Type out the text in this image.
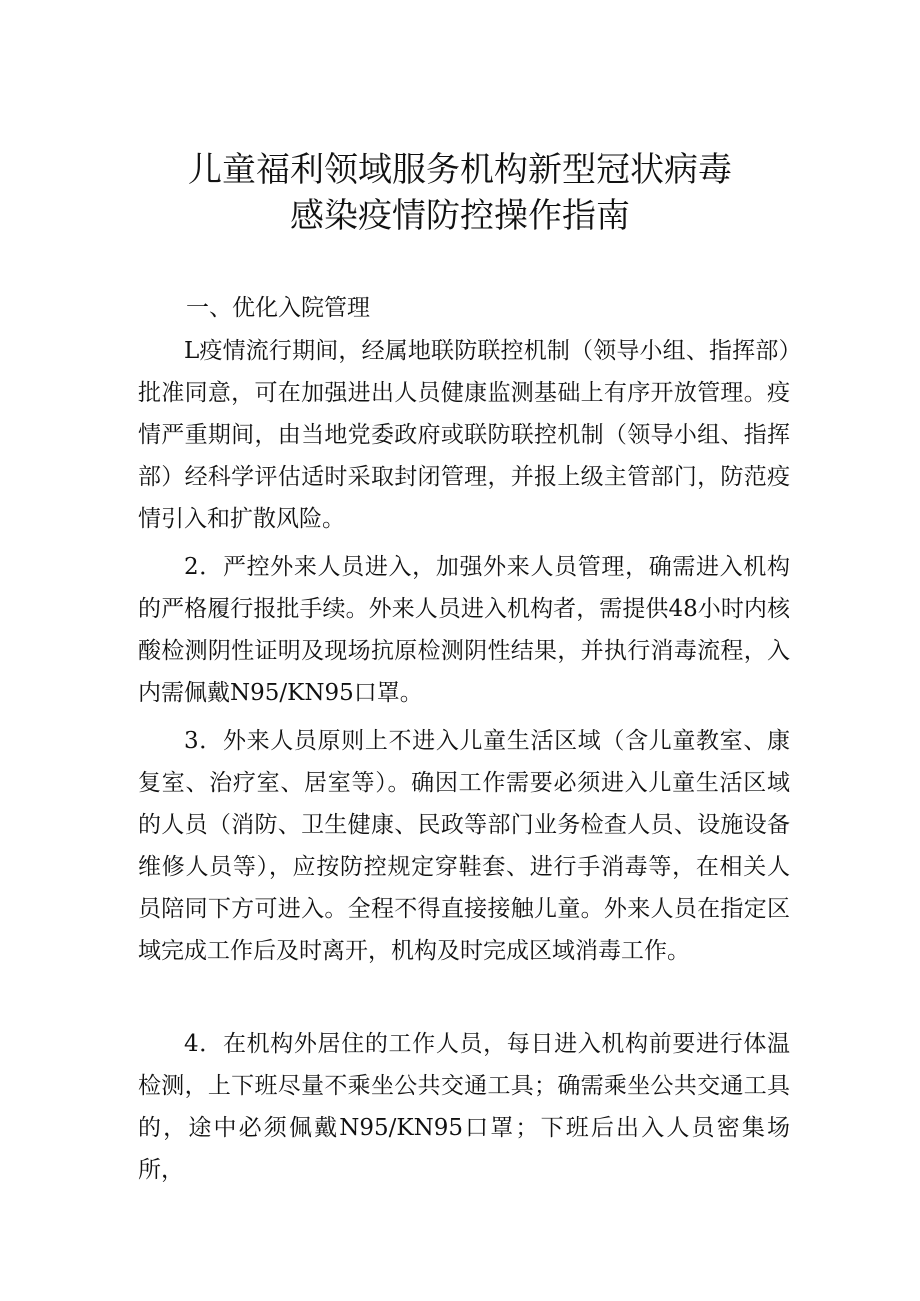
儿童福利领域服务机构新型冠状病毒
感染疫情防控操作指南
一、优化入院管理

L疫情流行期间，经属地联防联控机制（领导小组、指挥部）批准同意，可在加强进出人员健康监测基础上有序开放管理。疫情严重期间，由当地党委政府或联防联控机制（领导小组、指挥部）经科学评估适时采取封闭管理，并报上级主管部门，防范疫情引入和扩散风险。

2．严控外来人员进入，加强外来人员管理，确需进入机构的严格履行报批手续。外来人员进入机构者，需提供48小时内核酸检测阴性证明及现场抗原检测阴性结果，并执行消毒流程，入内需佩戴N95/KN95口罩。

3．外来人员原则上不进入儿童生活区域（含儿童教室、康复室、治疗室、居室等）。确因工作需要必须进入儿童生活区域的人员（消防、卫生健康、民政等部门业务检查人员、设施设备维修人员等），应按防控规定穿鞋套、进行手消毒等，在相关人员陪同下方可进入。全程不得直接接触儿童。外来人员在指定区域完成工作后及时离开，机构及时完成区域消毒工作。

4．在机构外居住的工作人员，每日进入机构前要进行体温检测，上下班尽量不乘坐公共交通工具；确需乘坐公共交通工具的，途中必须佩戴N95/KN95口罩；下班后出入人员密集场所，
